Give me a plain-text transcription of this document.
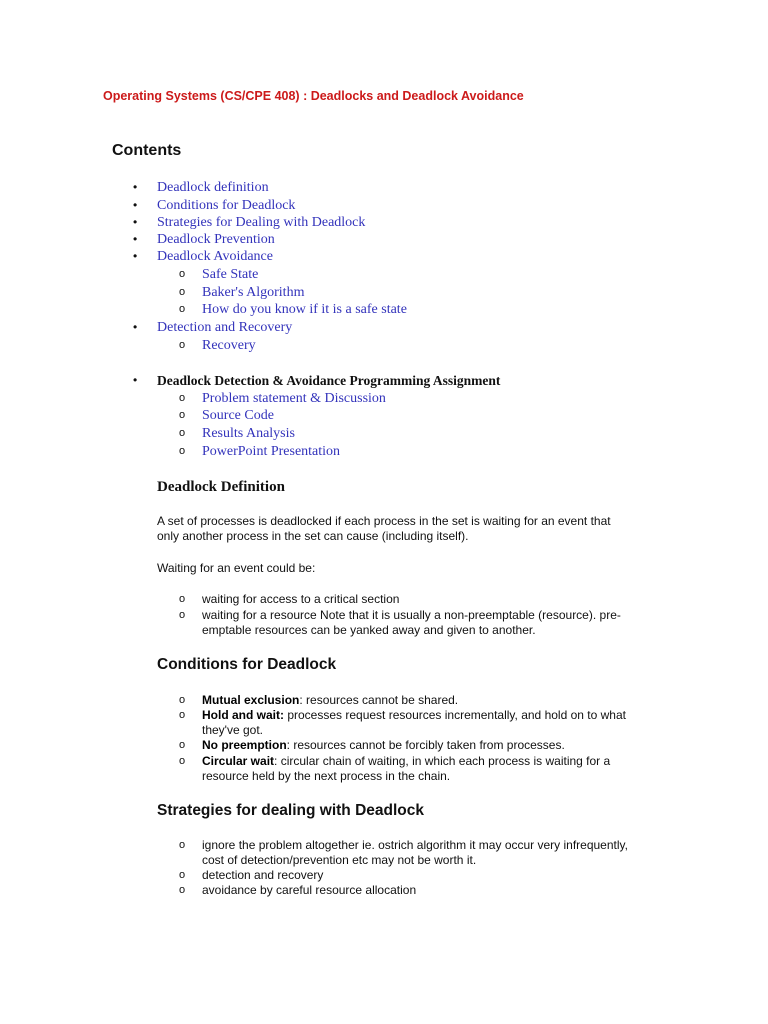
Operating Systems (CS/CPE 408) : Deadlocks and Deadlock Avoidance
Contents
• Deadlock definition
• Conditions for Deadlock
• Strategies for Dealing with Deadlock
• Deadlock Prevention
• Deadlock Avoidance
o Safe State
o Baker's Algorithm
o How do you know if it is a safe state
• Detection and Recovery
o Recovery
• Deadlock Detection & Avoidance Programming Assignment
o Problem statement & Discussion
o Source Code
o Results Analysis
o PowerPoint Presentation
Deadlock Definition
A set of processes is deadlocked if each process in the set is waiting for an event that
only another process in the set can cause (including itself).
Waiting for an event could be:
o waiting for access to a critical section
o waiting for a resource Note that it is usually a non-preemptable (resource). pre-
emptable resources can be yanked away and given to another.
Conditions for Deadlock
o Mutual exclusion: resources cannot be shared.
o Hold and wait: processes request resources incrementally, and hold on to what
they've got.
o No preemption: resources cannot be forcibly taken from processes.
o Circular wait: circular chain of waiting, in which each process is waiting for a
resource held by the next process in the chain.
Strategies for dealing with Deadlock
o ignore the problem altogether ie. ostrich algorithm it may occur very infrequently,
cost of detection/prevention etc may not be worth it.
o detection and recovery
o avoidance by careful resource allocation
